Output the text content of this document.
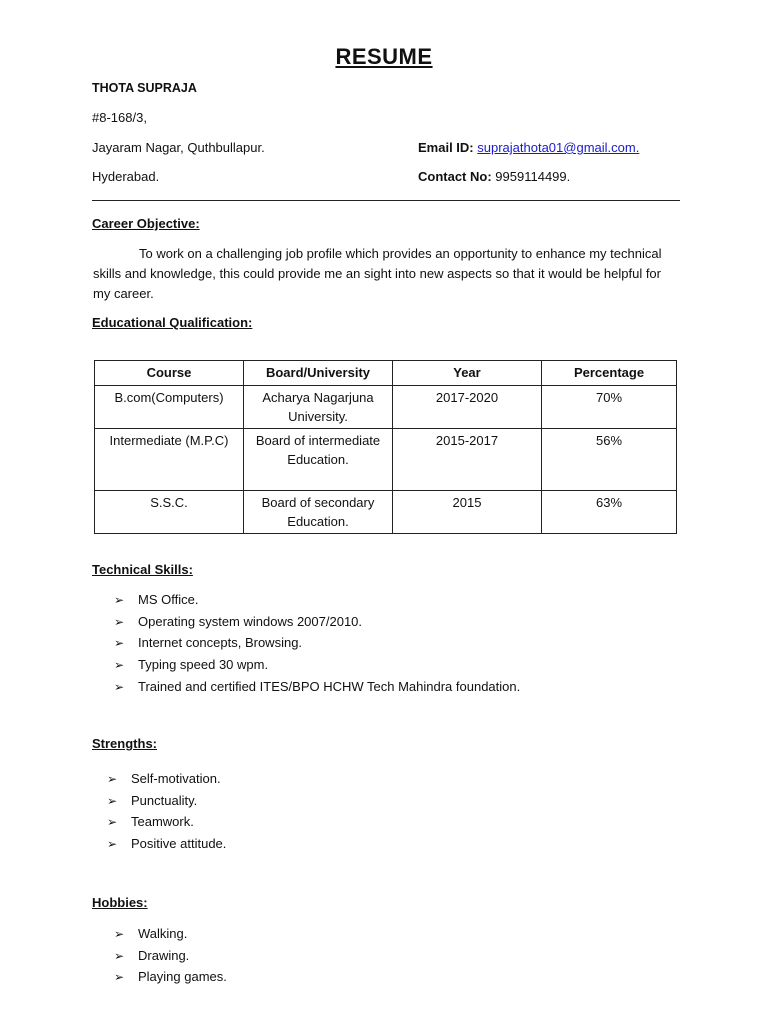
RESUME
THOTA SUPRAJA
#8-168/3,
Jayaram Nagar, Quthbullapur.
Hyderabad.
Email ID: suprajathota01@gmail.com.
Contact No: 9959114499.
Career Objective:
To work on a challenging job profile which provides an opportunity to enhance my technical skills and knowledge, this could provide me an sight into new aspects so that it would be helpful for my career.
Educational Qualification:
Course	Board/University	Year	Percentage
B.com(Computers)	Acharya Nagarjuna University.	2017-2020	70%
Intermediate (M.P.C)	Board of intermediate Education.	2015-2017	56%
S.S.C.	Board of secondary Education.	2015	63%
Technical Skills:
➢ MS Office.
➢ Operating system windows 2007/2010.
➢ Internet concepts, Browsing.
➢ Typing speed 30 wpm.
➢ Trained and certified ITES/BPO HCHW Tech Mahindra foundation.
Strengths:
➢ Self-motivation.
➢ Punctuality.
➢ Teamwork.
➢ Positive attitude.
Hobbies:
➢ Walking.
➢ Drawing.
➢ Playing games.
